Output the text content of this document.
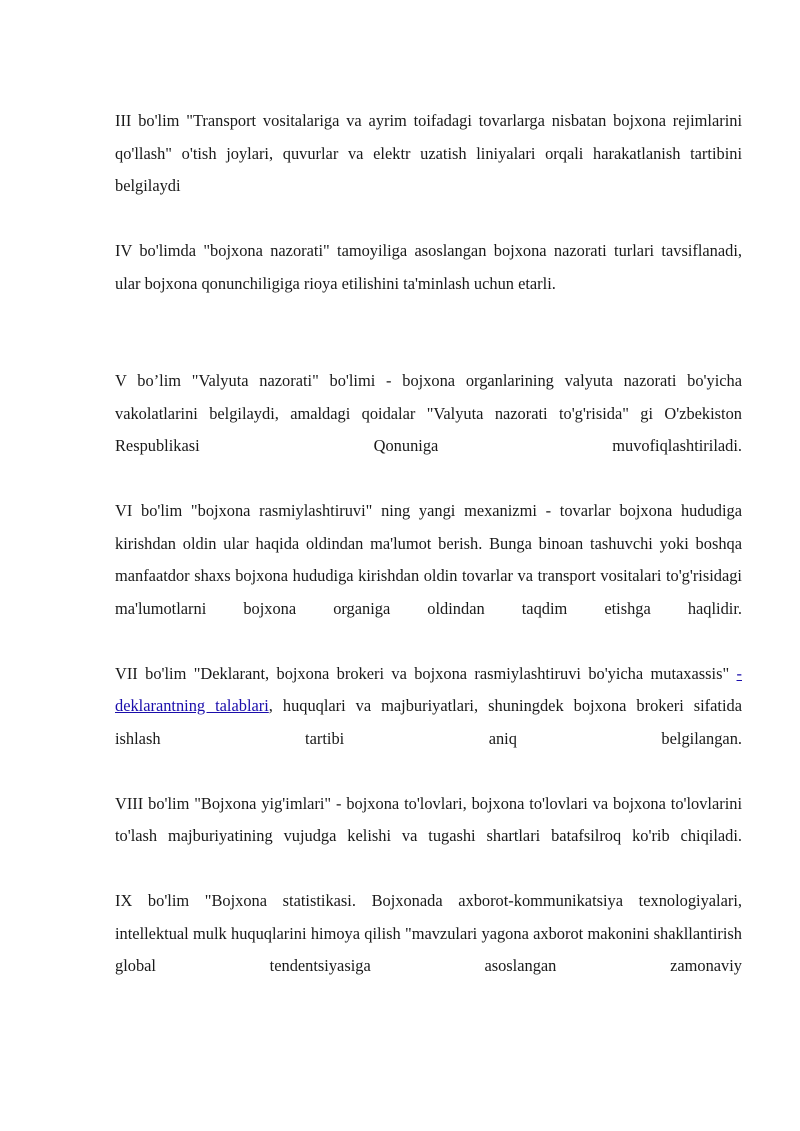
III bo'lim "Transport vositalariga va ayrim toifadagi tovarlarga nisbatan bojxona rejimlarini qo'llash" o'tish joylari, quvurlar va elektr uzatish liniyalari orqali harakatlanish tartibini belgilaydi

IV bo'limda "bojxona nazorati" tamoyiliga asoslangan bojxona nazorati turlari tavsiflanadi, ular bojxona qonunchiligiga rioya etilishini ta'minlash uchun etarli.

V bo’lim "Valyuta nazorati" bo'limi - bojxona organlarining valyuta nazorati bo'yicha vakolatlarini belgilaydi, amaldagi qoidalar "Valyuta nazorati to'g'risida" gi O'zbekiston Respublikasi Qonuniga muvofiqlashtiriladi.

VI bo'lim "bojxona rasmiylashtiruvi" ning yangi mexanizmi - tovarlar bojxona hududiga kirishdan oldin ular haqida oldindan ma'lumot berish. Bunga binoan tashuvchi yoki boshqa manfaatdor shaxs bojxona hududiga kirishdan oldin tovarlar va transport vositalari to'g'risidagi ma'lumotlarni bojxona organiga oldindan taqdim etishga haqlidir.

VII bo'lim "Deklarant, bojxona brokeri va bojxona rasmiylashtiruvi bo'yicha mutaxassis" - deklarantning talablari, huquqlari va majburiyatlari, shuningdek bojxona brokeri sifatida ishlash tartibi aniq belgilangan.

VIII bo'lim "Bojxona yig'imlari" - bojxona to'lovlari, bojxona to'lovlari va bojxona to'lovlarini to'lash majburiyatining vujudga kelishi va tugashi shartlari batafsilroq ko'rib chiqiladi.

IX bo'lim "Bojxona statistikasi. Bojxonada axborot-kommunikatsiya texnologiyalari, intellektual mulk huquqlarini himoya qilish "mavzulari yagona axborot makonini shakllantirish global tendentsiyasiga asoslangan zamonaviy
